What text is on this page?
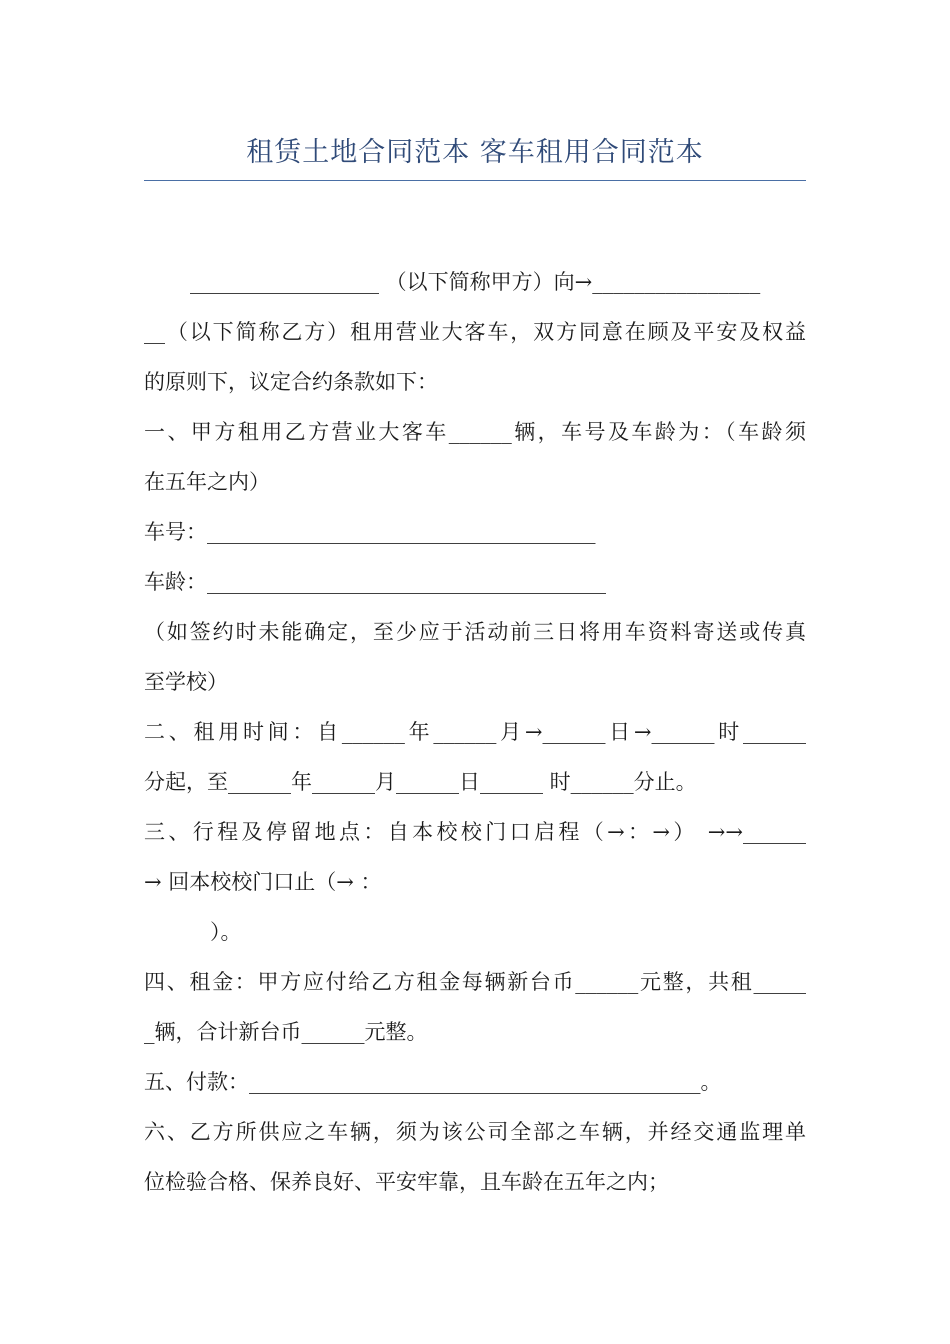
租赁土地合同范本 客车租用合同范本
__________________ （以下简称甲方）向→________________
__（以下简称乙方）租用营业大客车，双方同意在顾及平安及权益
的原则下，议定合约条款如下：
一、甲方租用乙方营业大客车______辆，车号及车龄为：（车龄须
在五年之内）
车号：_____________________________________
车龄：______________________________________
（如签约时未能确定，至少应于活动前三日将用车资料寄送或传真
至学校）
二、租用时间：自______年______月→______日→______时______
分起，至______年______月______日______ 时______分止。
三、行程及停留地点：自本校校门口启程（→：→） →→______
→ 回本校校门口止（→ ：
）。
四、租金：甲方应付给乙方租金每辆新台币______元整，共租_____
_辆，合计新台币______元整。
五、付款：___________________________________________。
六、乙方所供应之车辆，须为该公司全部之车辆，并经交通监理单
位检验合格、保养良好、平安牢靠，且车龄在五年之内；
